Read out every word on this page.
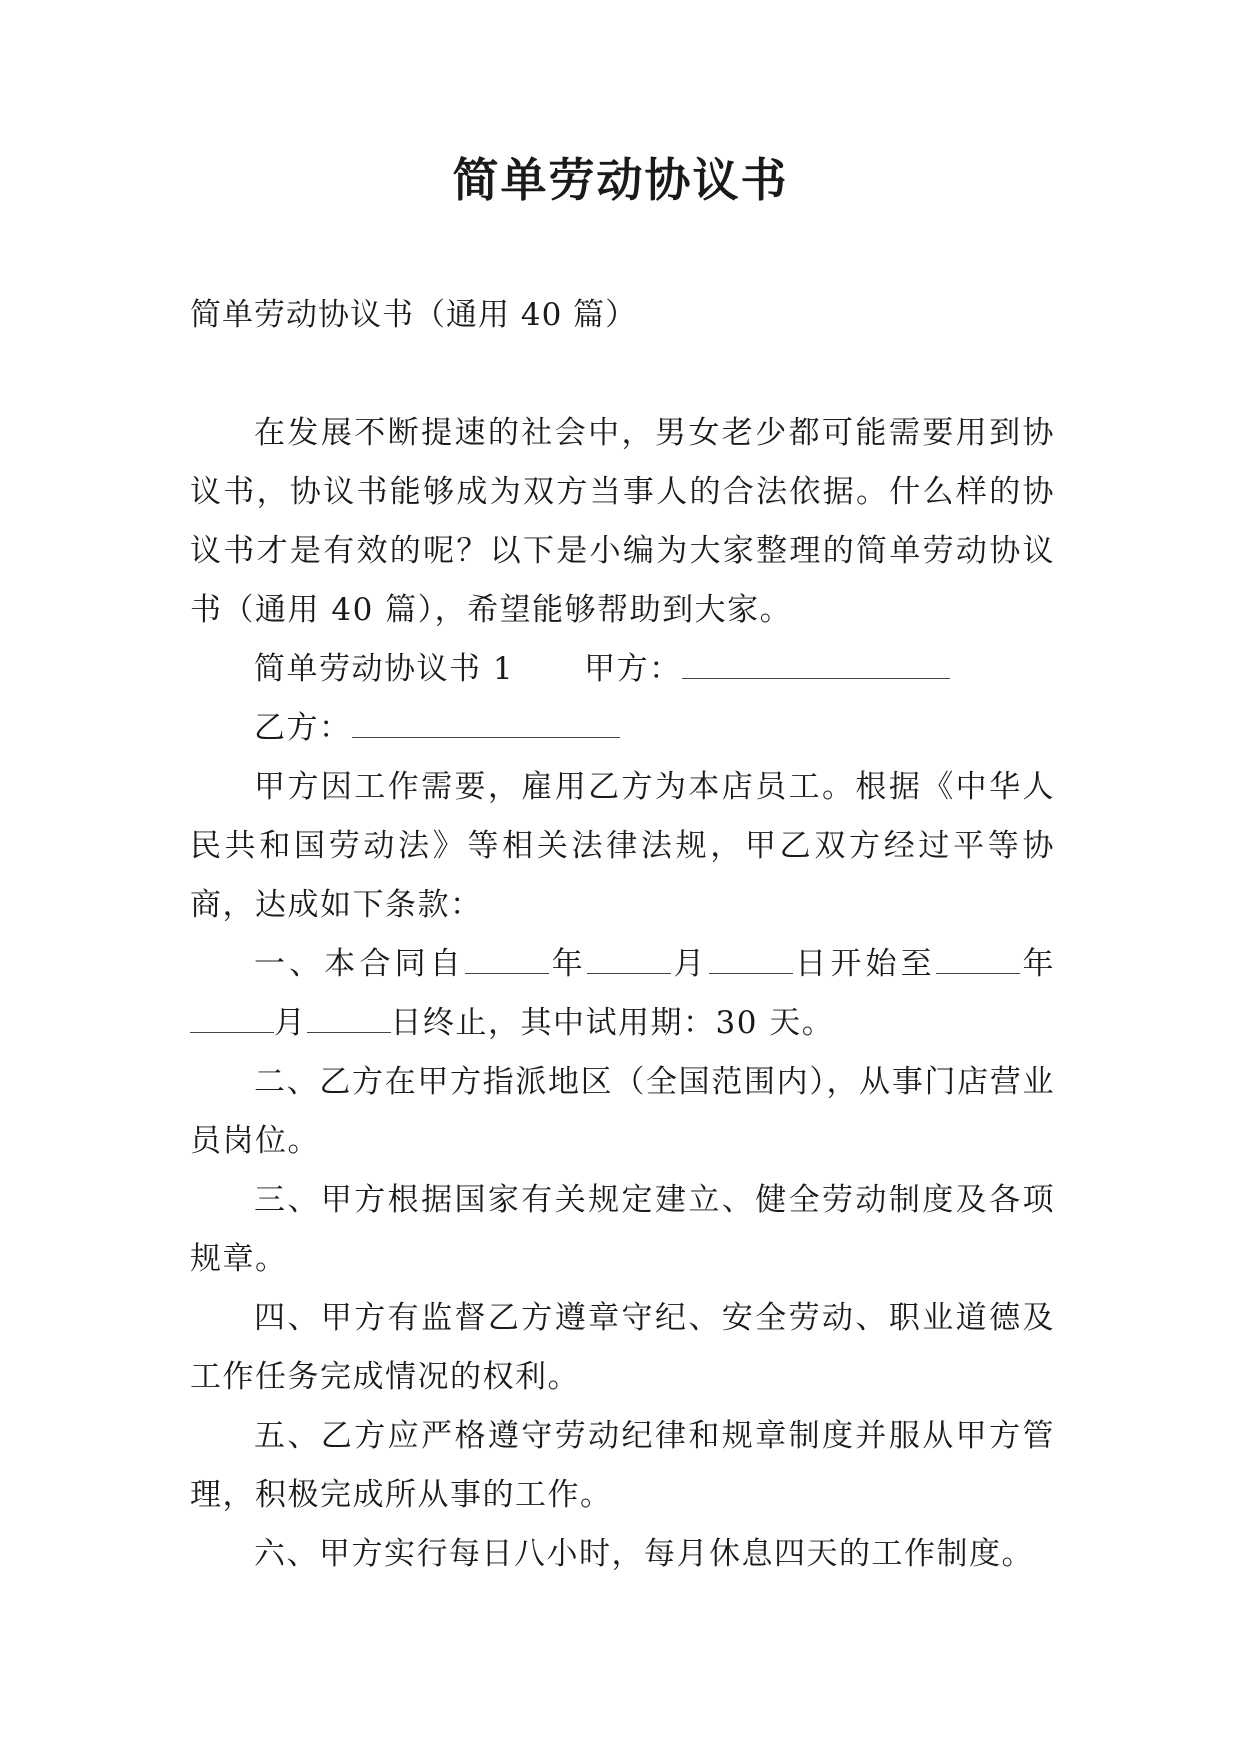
简单劳动协议书
简单劳动协议书（通用 40 篇）

在发展不断提速的社会中，男女老少都可能需要用到协议书，协议书能够成为双方当事人的合法依据。什么样的协议书才是有效的呢？以下是小编为大家整理的简单劳动协议书（通用 40 篇），希望能够帮助到大家。

简单劳动协议书 1 甲方：

乙方：

甲方因工作需要，雇用乙方为本店员工。根据《中华人民共和国劳动法》等相关法律法规，甲乙双方经过平等协商，达成如下条款：

一、本合同自	年	月	日开始至	年月	日终止，其中试用期：30 天。

二、乙方在甲方指派地区（全国范围内），从事门店营业员岗位。

三、甲方根据国家有关规定建立、健全劳动制度及各项规章。

四、甲方有监督乙方遵章守纪、安全劳动、职业道德及工作任务完成情况的权利。

五、乙方应严格遵守劳动纪律和规章制度并服从甲方管理，积极完成所从事的工作。

六、甲方实行每日八小时，每月休息四天的工作制度。
